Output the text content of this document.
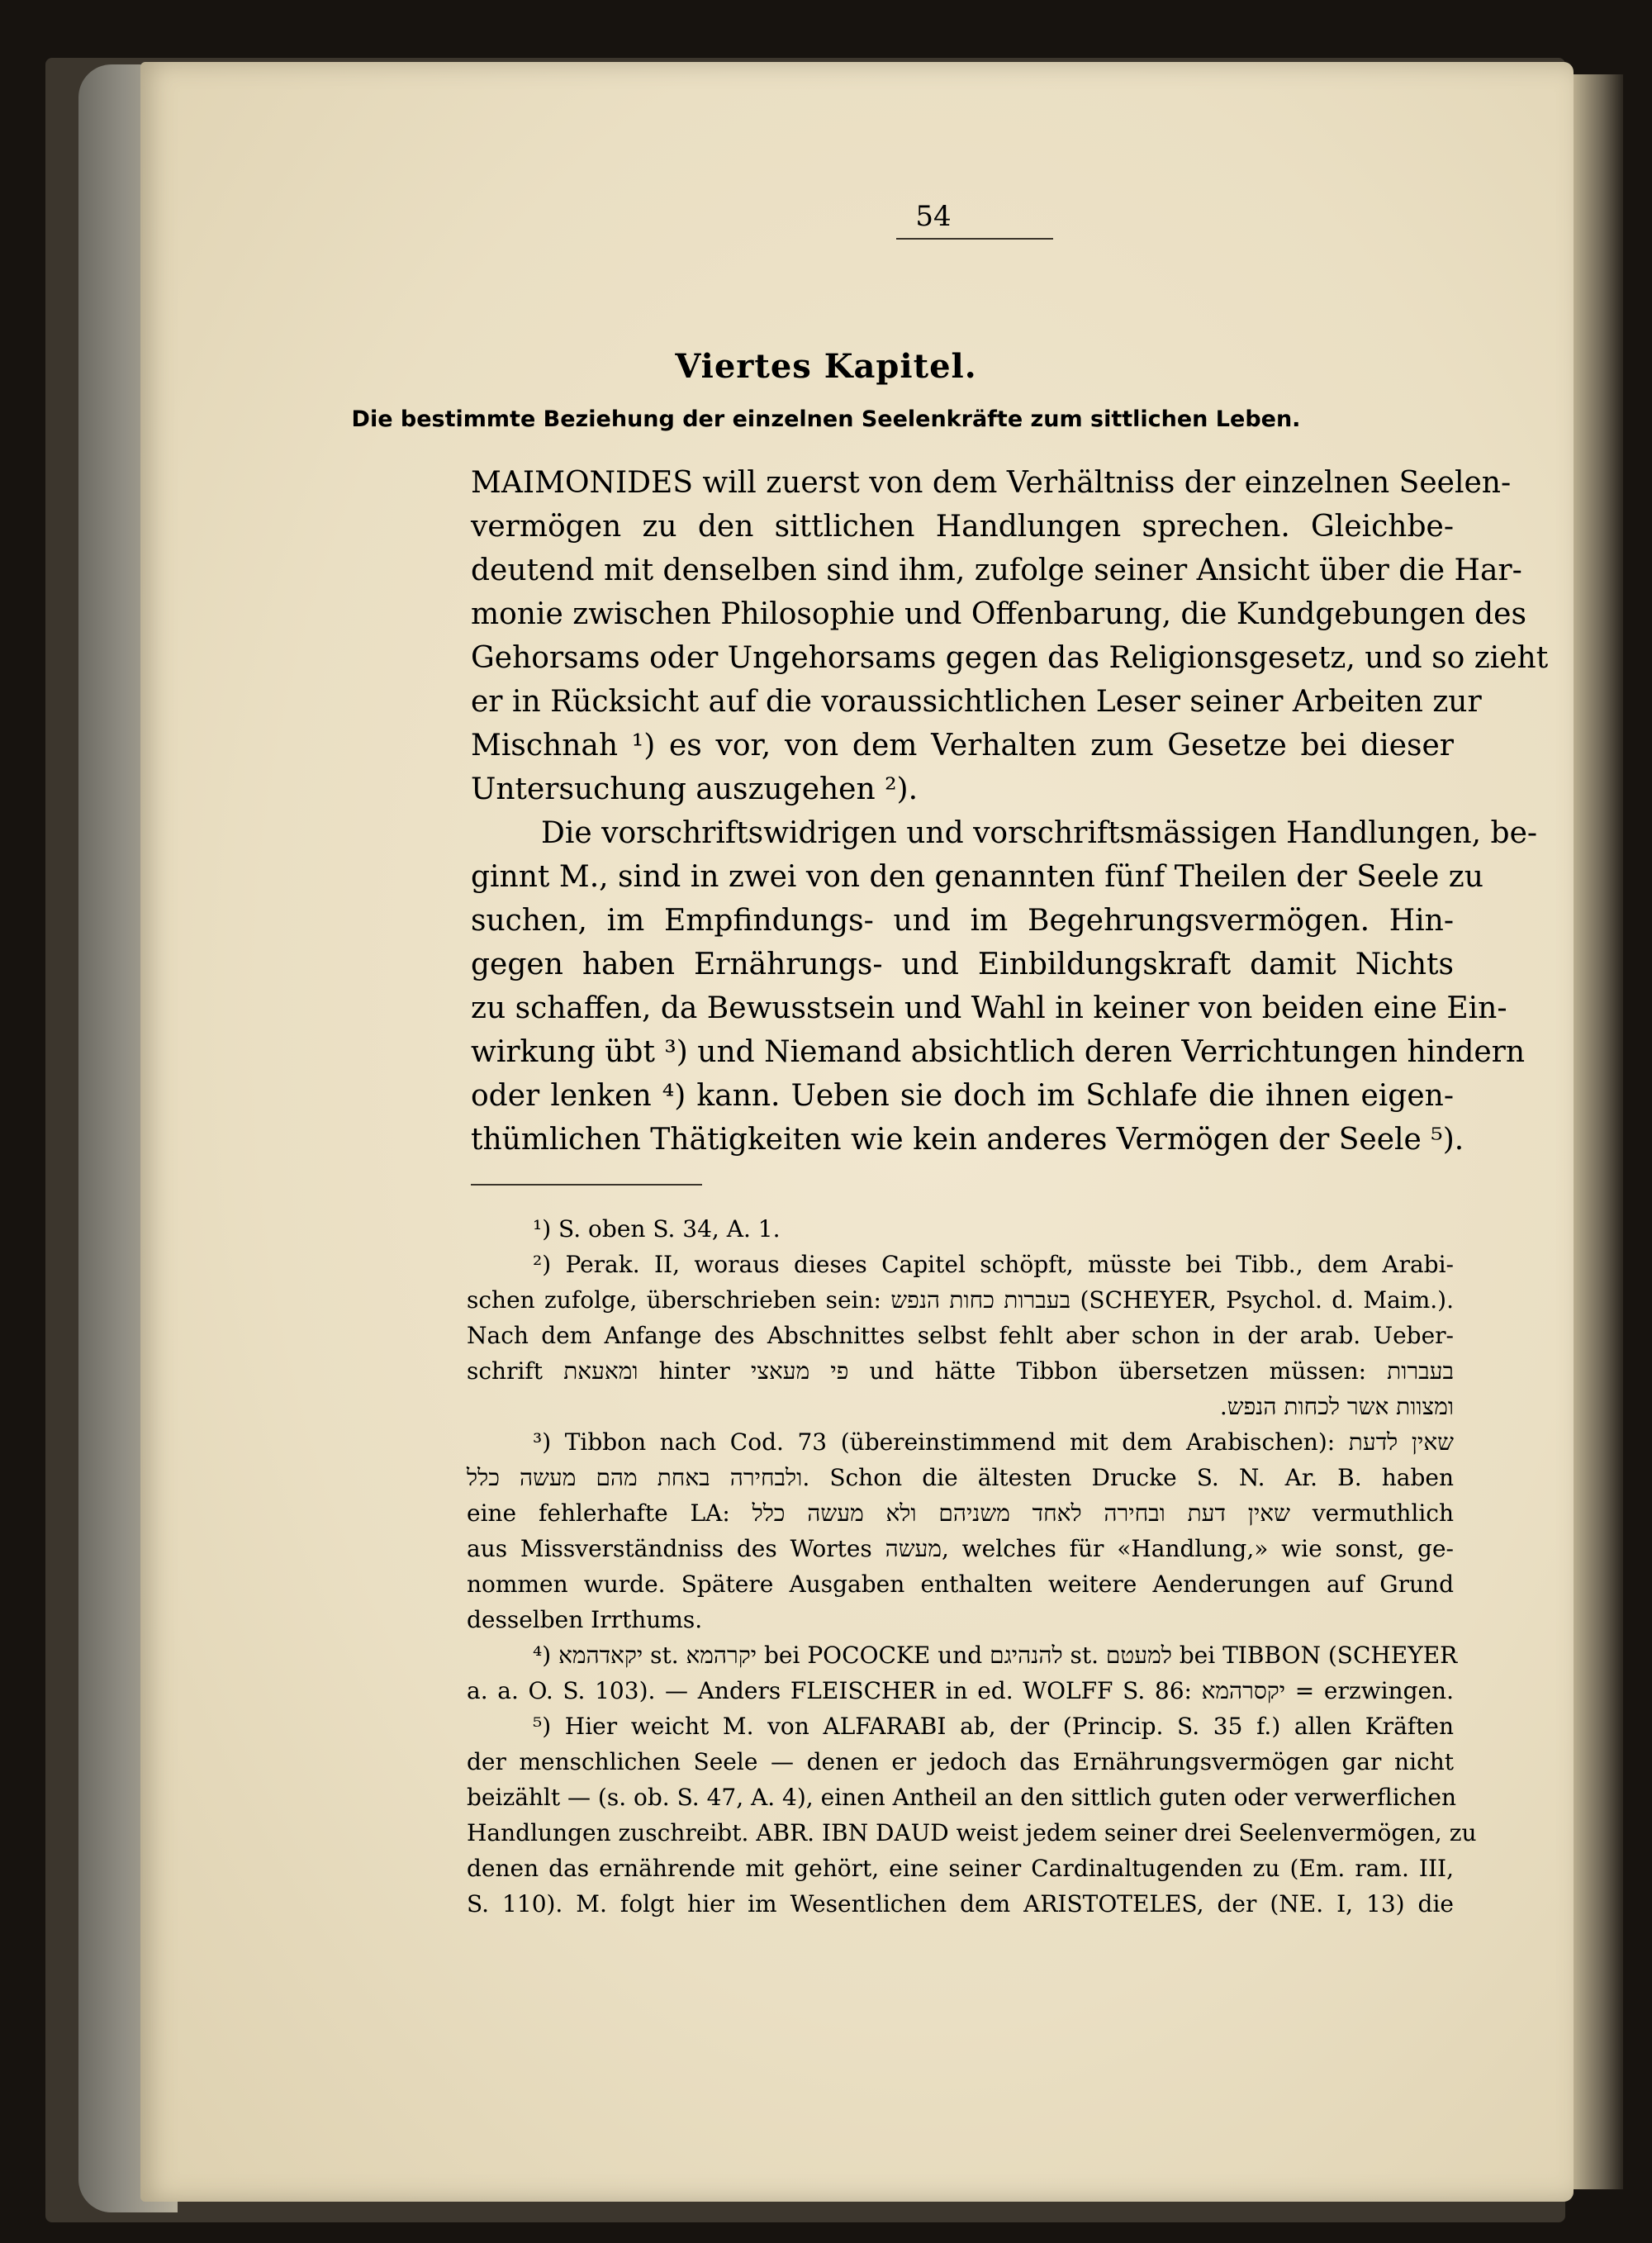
54
Viertes Kapitel.
Die bestimmte Beziehung der einzelnen Seelenkräfte zum sittlichen Leben.
MAIMONIDES will zuerst von dem Verhältniss der einzelnen Seelen-
vermögen zu den sittlichen Handlungen sprechen. Gleichbe-
deutend mit denselben sind ihm, zufolge seiner Ansicht über die Har-
monie zwischen Philosophie und Offenbarung, die Kundgebungen des
Gehorsams oder Ungehorsams gegen das Religionsgesetz, und so zieht
er in Rücksicht auf die voraussichtlichen Leser seiner Arbeiten zur
Mischnah ¹) es vor, von dem Verhalten zum Gesetze bei dieser
Untersuchung auszugehen ²).
Die vorschriftswidrigen und vorschriftsmässigen Handlungen, be-
ginnt M., sind in zwei von den genannten fünf Theilen der Seele zu
suchen, im Empfindungs- und im Begehrungsvermögen. Hin-
gegen haben Ernährungs- und Einbildungskraft damit Nichts
zu schaffen, da Bewusstsein und Wahl in keiner von beiden eine Ein-
wirkung übt ³) und Niemand absichtlich deren Verrichtungen hindern
oder lenken ⁴) kann. Ueben sie doch im Schlafe die ihnen eigen-
thümlichen Thätigkeiten wie kein anderes Vermögen der Seele ⁵).
¹) S. oben S. 34, A. 1.
²) Perak. II, woraus dieses Capitel schöpft, müsste bei Tibb., dem Arabi-
schen zufolge, überschrieben sein: בעברות כחות הנפש (SCHEYER, Psychol. d. Maim.).
Nach dem Anfange des Abschnittes selbst fehlt aber schon in der arab. Ueber-
schrift ומאעאת hinter פי מעאצי und hätte Tibbon übersetzen müssen: בעברות
ומצוות אשר לכחות הנפש.
³) Tibbon nach Cod. 73 (übereinstimmend mit dem Arabischen): שאין לדעת
ולבחירה באחת מהם מעשה כלל. Schon die ältesten Drucke S. N. Ar. B. haben
eine fehlerhafte LA: שאין דעת ובחירה לאחד משניהם ולא מעשה כלל vermuthlich
aus Missverständniss des Wortes מעשה, welches für «Handlung,» wie sonst, ge-
nommen wurde. Spätere Ausgaben enthalten weitere Aenderungen auf Grund
desselben Irrthums.
⁴) יקאדהמא st. יקרהמא bei POCOCKE und להנהיגם st. למעטם bei TIBBON (SCHEYER
a. a. O. S. 103). — Anders FLEISCHER in ed. WOLFF S. 86: יקסרהמא = erzwingen.
⁵) Hier weicht M. von ALFARABI ab, der (Princip. S. 35 f.) allen Kräften
der menschlichen Seele — denen er jedoch das Ernährungsvermögen gar nicht
beizählt — (s. ob. S. 47, A. 4), einen Antheil an den sittlich guten oder verwerflichen
Handlungen zuschreibt. ABR. IBN DAUD weist jedem seiner drei Seelenvermögen, zu
denen das ernährende mit gehört, eine seiner Cardinaltugenden zu (Em. ram. III,
S. 110). M. folgt hier im Wesentlichen dem ARISTOTELES, der (NE. I, 13) die
